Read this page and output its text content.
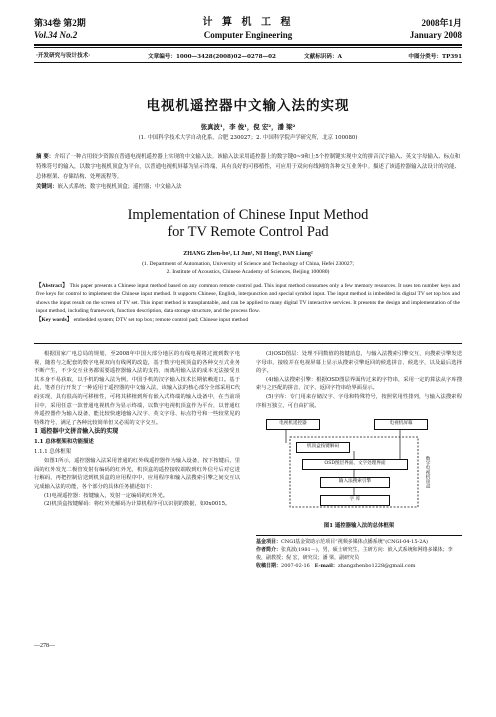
第34卷 第2期
Vol.34 No.2
计 算 机 工 程
Computer Engineering
2008年1月
January 2008
·开发研究与设计技术·	文章编号：1000—3428(2008)02—0278—02	文献标识码：A	中图分类号：TP391
电视机遥控器中文输入法的实现
张真波¹，李 俊¹，倪 宏²，潘 梁²
(1. 中国科学技术大学自动化系，合肥 230027；2. 中国科学院声学研究所，北京 100080)
摘 要：介绍了一种占用较少资源在普通电视机遥控器上实现的中文输入法。该输入法采用遥控器上的数字键0~9和上5个控制键实现中文的拼音汉字输入、英文字母输入、标点和特殊符号的输入，以数字电视机顶盒为平台，以普通电视机屏幕为显示终端，具有良好的可移植性，可应用于双向有线网的各种交互业务中。描述了该遥控器输入法设计的功能、总体框架、存储结构、处理流程等。
关键词：嵌入式系统；数字电视机顶盒；遥控器；中文输入法
Implementation of Chinese Input Method
for TV Remote Control Pad
ZHANG Zhen-bo¹, LI Jun¹, NI Hong², PAN Liang²
(1. Department of Automation, University of Science and Technology of China, Hefei 230027;
2. Institute of Acoustics, Chinese Academy of Sciences, Beijing 100080)
【Abstract】 This paper presents a Chinese input method based on any common remote control pad. This input method consumes only a few memory resources. It uses ten number keys and five keys for control to implement the Chinese input method. It supports Chinese, English, interpunction and special symbol input. The input method is imbedded in digital TV set top box and shows the input result on the screen of TV set. This input method is transplantable, and can be applied to many digital TV interactive services. It presents the design and implementation of the input method, including framework, function description, data storage structure, and the process flow.
【Key words】 embedded system; DTV set top box; remote control pad; Chinese input method

根据国家广电总局的规划，至2008年中国大部分地区的有线电视将过渡到数字电视，随着与之配套的数字电视双向有线网的改造，基于数字电视顶盒的各种交互式业务不断产生，不少交互业务都需要遥控器输入法的支持，而离用输入法的成本无法接受且其本身不易获取，以手机的输入法为例，中国手机的汉字输入技术长期依赖进口。基于此，笔者自行开发了一种适用于遥控器的中文输入法，该输入法的核心部分全部采用C代码实现，具有很高的可移植性，可将其移植到所有嵌入式终端的输入设备中，在当前项目中，采用任意一款普通电视机作为显示终端，以数字电视机顶盒作为平台，以普通红外遥控器作为输入设备，能比较快速地输入汉字、英文字母、标点符号和一些较常见的特殊符号，满足了各种比较简单但又必需的文字交互。

1 遥控器中文拼音输入法的实现
1.1 总体框架和功能描述
1.1.1 总体框架

如图1所示，遥控器输入法采用普通的红外线遥控器作为输入设备，按下按键后，里面的红外发光二极管发射有编码的红外光，机顶盒的遥控接收端收到红外信号后对它进行解码，再把控制信送到机顶盒的应用程序中，应用程序和输入法搜索引擎之间交互以完成输入法的功能，各个部分的具体任务描述如下：

(1)电视遥控器：按键输入，发射一定编码的红外光。

(2)机顶盒按键解码：将红外光解码为计算机程序可以识别的数据，如0x0015。

(3)OSD图层：处理不同数值的按键消息，与输入法搜索引擎交互，向搜索引擎发送字母串，接收并在电视屏幕上显示从搜索引擎返回的候选拼音、候选字，以及最后选择的字。

(4)输入法搜索引擎：根据OSD图层界面传过来的字符串，采用一定的算法从字库搜索与之匹配的拼音、汉字、返回字符串给界面显示。

(5)字库：专门用来存储汉字、字母和特殊符号，按照常用性排列，与输入法搜索程序相互独立，可自由扩展。

电视机遥控器	电视机屏幕
机顶盒按键解码
OSD图层界面、文字处理界面
输入法搜索引擎
字 库
数字电视机顶盒
图1 遥控器输入法的总体框架
基金项目：CNGI基金资助示范项目“视频多媒体点播系统”(CNGI-04-15-2A)
作者简介：张真波(1981－)，男，硕士研究生，主研方向：嵌入式系统和网络多媒体；李 俊，副教授；倪 宏，研究员；潘 梁，副研究员
收稿日期：2007-02-16 E-mail：zhangzhenbo1228@gmail.com
—278—
